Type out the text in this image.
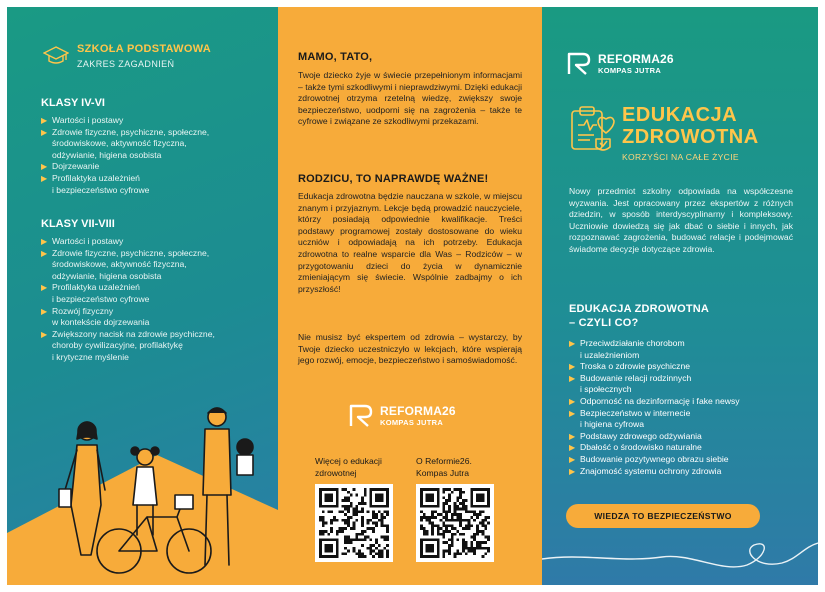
SZKOŁA PODSTAWOWA
ZAKRES ZAGADNIEŃ
KLASY IV-VI
▶ Wartości i postawy
▶ Zdrowie fizyczne, psychiczne, społeczne,
środowiskowe, aktywność fizyczna,
odżywianie, higiena osobista
▶ Dojrzewanie
▶ Profilaktyka uzależnień
i bezpieczeństwo cyfrowe
KLASY VII-VIII
▶ Wartości i postawy
▶ Zdrowie fizyczne, psychiczne, społeczne,
środowiskowe, aktywność fizyczna,
odżywianie, higiena osobista
▶ Profilaktyka uzależnień
i bezpieczeństwo cyfrowe
▶ Rozwój fizyczny
w kontekście dojrzewania
▶ Zwiększony nacisk na zdrowie psychiczne,
choroby cywilizacyjne, profilaktykę
i krytyczne myślenie
MAMO, TATO,

Twoje dziecko żyje w świecie przepełnionym informacjami – także tymi szkodliwymi i nieprawdziwymi. Dzięki edukacji zdrowotnej otrzyma rzetelną wiedzę, zwiększy swoje bezpieczeństwo, uodporni się na zagrożenia – także te cyfrowe i związane ze szkodliwymi przekazami.

RODZICU, TO NAPRAWDĘ WAŻNE!

Edukacja zdrowotna będzie nauczana w szkole, w miejscu znanym i przyjaznym. Lekcje będą prowadzić nauczyciele, którzy posiadają odpowiednie kwalifikacje. Treści podstawy programowej zostały dostosowane do wieku uczniów i odpowiadają na ich potrzeby. Edukacja zdrowotna to realne wsparcie dla Was – Rodziców – w przygotowaniu dzieci do życia w dynamicznie zmieniającym się świecie. Wspólnie zadbajmy o ich przyszłość!

Nie musisz być ekspertem od zdrowia – wystarczy, by Twoje dziecko uczestniczyło w lekcjach, które wspierają jego rozwój, emocje, bezpieczeństwo i samoświadomość.

REFORMA26
KOMPAS JUTRA
Więcej o edukacji
zdrowotnej
O Reformie26.
Kompas Jutra
REFORMA26
KOMPAS JUTRA
EDUKACJA
ZDROWOTNA
KORZYŚCI NA CAŁE ŻYCIE

Nowy przedmiot szkolny odpowiada na współczesne wyzwania. Jest opracowany przez ekspertów z różnych dziedzin, w sposób interdyscyplinarny i kompleksowy. Uczniowie dowiedzą się jak dbać o siebie i innych, jak rozpoznawać zagrożenia, budować relacje i podejmować świadome decyzje dotyczące zdrowia.

EDUKACJA ZDROWOTNA
– CZYLI CO?
▶ Przeciwdziałanie chorobom
i uzależnieniom
▶ Troska o zdrowie psychiczne
▶ Budowanie relacji rodzinnych
i społecznych
▶ Odporność na dezinformację i fake newsy
▶ Bezpieczeństwo w internecie
i higiena cyfrowa
▶ Podstawy zdrowego odżywiania
▶ Dbałość o środowisko naturalne
▶ Budowanie pozytywnego obrazu siebie
▶ Znajomość systemu ochrony zdrowia
WIEDZA TO BEZPIECZEŃSTWO
